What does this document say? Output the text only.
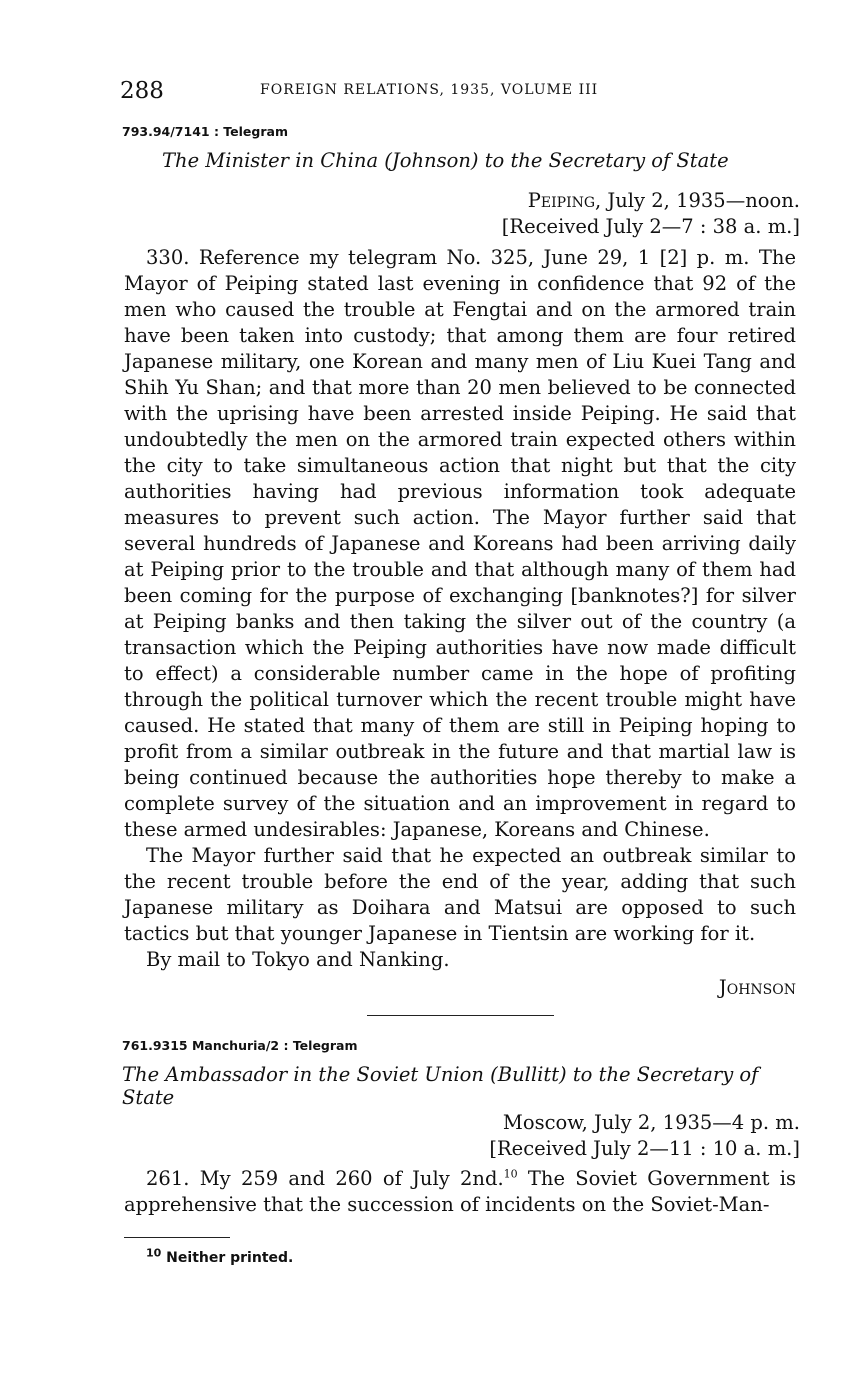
288	FOREIGN RELATIONS, 1935, VOLUME III
793.94/7141 : Telegram
The Minister in China (Johnson) to the Secretary of State
Peiping, July 2, 1935—noon.
[Received July 2—7 : 38 a. m.]

330. Reference my telegram No. 325, June 29, 1 [2] p. m. The Mayor of Peiping stated last evening in confidence that 92 of the men who caused the trouble at Fengtai and on the armored train have been taken into custody; that among them are four retired Japanese military, one Korean and many men of Liu Kuei Tang and Shih Yu Shan; and that more than 20 men believed to be connected with the uprising have been arrested inside Peiping. He said that undoubtedly the men on the armored train expected others within the city to take simultaneous action that night but that the city authorities having had previous information took adequate measures to prevent such action. The Mayor further said that several hundreds of Japanese and Koreans had been arriving daily at Peiping prior to the trouble and that although many of them had been coming for the purpose of exchanging [banknotes?] for silver at Peiping banks and then taking the silver out of the country (a transaction which the Peiping authorities have now made difficult to effect) a considerable number came in the hope of profiting through the political turnover which the recent trouble might have caused. He stated that many of them are still in Peiping hoping to profit from a similar outbreak in the future and that martial law is being continued because the authorities hope thereby to make a complete survey of the situation and an improvement in regard to these armed undesirables: Japanese, Koreans and Chinese.

The Mayor further said that he expected an outbreak similar to the recent trouble before the end of the year, adding that such Japanese military as Doihara and Matsui are opposed to such tactics but that younger Japanese in Tientsin are working for it.

By mail to Tokyo and Nanking.

Johnson

761.9315 Manchuria/2 : Telegram
The Ambassador in the Soviet Union (Bullitt) to the Secretary of State
Moscow, July 2, 1935—4 p. m.
[Received July 2—11 : 10 a. m.]

261. My 259 and 260 of July 2nd.$^{10}$ The Soviet Government is apprehensive that the succession of incidents on the Soviet-Man-

$^{10}$ Neither printed.
